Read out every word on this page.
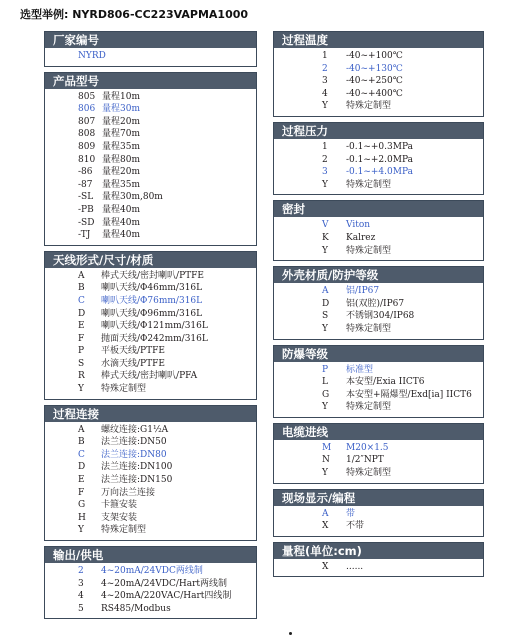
选型举例: NYRD806-CC223VAPMA1000
厂家编号
NYRD
产品型号
805 量程10m
806 量程30m
807 量程20m
808 量程70m
809 量程35m
810 量程80m
-86 量程20m
-87 量程35m
-SL 量程30m,80m
-PB 量程40m
-SD 量程40m
-TJ 量程40m
天线形式/尺寸/材质
A 棒式天线/密封喇叭/PTFE
B 喇叭天线/Φ46mm/316L
C 喇叭天线/Φ76mm/316L
D 喇叭天线/Φ96mm/316L
E 喇叭天线/Φ121mm/316L
F 抛面天线/Φ242mm/316L
P 平板天线/PTFE
S 水滴天线/PTFE
R 棒式天线/密封喇叭/PFA
Y 特殊定制型
过程连接
A 螺纹连接:G1½A
B 法兰连接:DN50
C 法兰连接:DN80
D 法兰连接:DN100
E 法兰连接:DN150
F 万向法兰连接
G 卡箍安装
H 支架安装
Y 特殊定制型
输出/供电
2 4~20mA/24VDC两线制
3 4~20mA/24VDC/Hart两线制
4 4~20mA/220VAC/Hart四线制
5 RS485/Modbus
过程温度
1 -40~+100℃
2 -40~+130℃
3 -40~+250℃
4 -40~+400℃
Y 特殊定制型
过程压力
1 -0.1~+0.3MPa
2 -0.1~+2.0MPa
3 -0.1~+4.0MPa
Y 特殊定制型
密封
V Viton
K Kalrez
Y 特殊定制型
外壳材质/防护等级
A 铝/IP67
D 铝(双腔)/IP67
S 不锈钢304/IP68
Y 特殊定制型
防爆等级
P 标准型
L 本安型/Exia IICT6
G 本安型+隔爆型/Exd[ia] IICT6
Y 特殊定制型
电缆进线
M M20×1.5
N 1/2″NPT
Y 特殊定制型
现场显示/编程
A 带
X 不带
量程(单位:cm)
X ......
